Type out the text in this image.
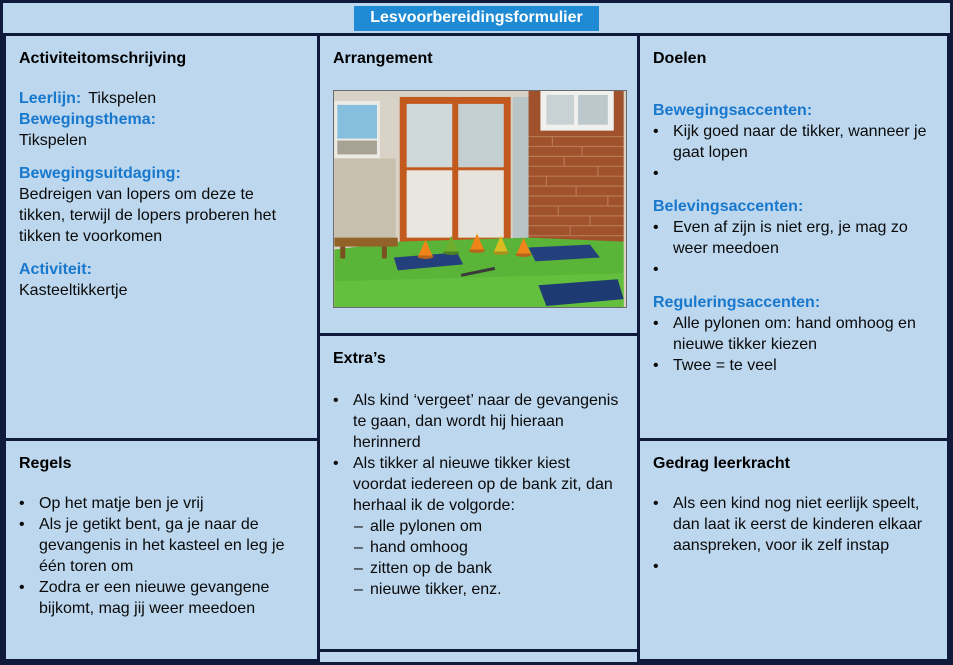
Lesvoorbereidingsformulier
Activiteitomschrijving
Leerlijn: Tikspelen
Bewegingsthema:
Tikspelen
Bewegingsuitdaging:
Bedreigen van lopers om deze te tikken, terwijl de lopers proberen het tikken te voorkomen
Activiteit:
Kasteeltikkertje
Regels
• Op het matje ben je vrij
• Als je getikt bent, ga je naar de gevangenis in het kasteel en leg je één toren om
• Zodra er een nieuwe gevangene bijkomt, mag jij weer meedoen
Arrangement
Extra’s
• Als kind ‘vergeet’ naar de gevangenis te gaan, dan wordt hij hieraan herinnerd
• Als tikker al nieuwe tikker kiest voordat iedereen op de bank zit, dan herhaal ik de volgorde:
– alle pylonen om
– hand omhoog
– zitten op de bank
– nieuwe tikker, enz.
Doelen
Bewegingsaccenten:
• Kijk goed naar de tikker, wanneer je gaat lopen
•
Belevingsaccenten:
• Even af zijn is niet erg, je mag zo weer meedoen
•
Reguleringsaccenten:
• Alle pylonen om: hand omhoog en nieuwe tikker kiezen
• Twee = te veel
Gedrag leerkracht
• Als een kind nog niet eerlijk speelt, dan laat ik eerst de kinderen elkaar aanspreken, voor ik zelf instap
•
